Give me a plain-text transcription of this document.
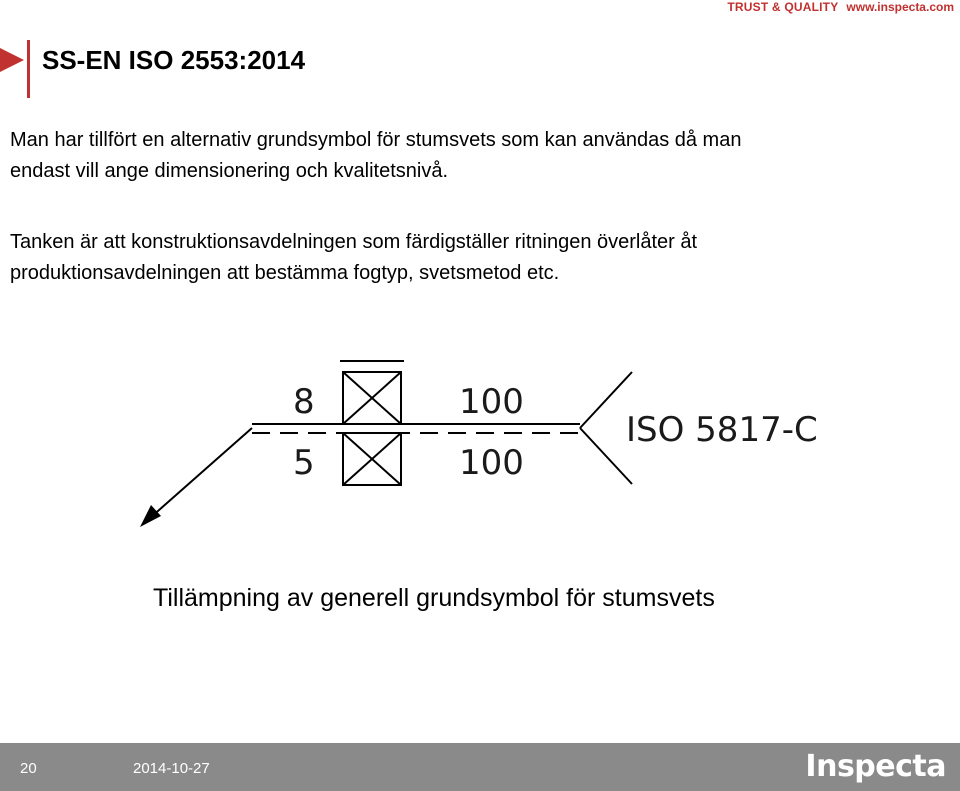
TRUST & QUALITY www.inspecta.com
SS-EN ISO 2553:2014
Man har tillfört en alternativ grundsymbol för stumsvets som kan användas då man
endast vill ange dimensionering och kvalitetsnivå.
Tanken är att konstruktionsavdelningen som färdigställer ritningen överlåter åt
produktionsavdelningen att bestämma fogtyp, svetsmetod etc.
8
5
100
100
ISO 5817-C
Tillämpning av generell grundsymbol för stumsvets
20	2014-10-27	Inspecta
